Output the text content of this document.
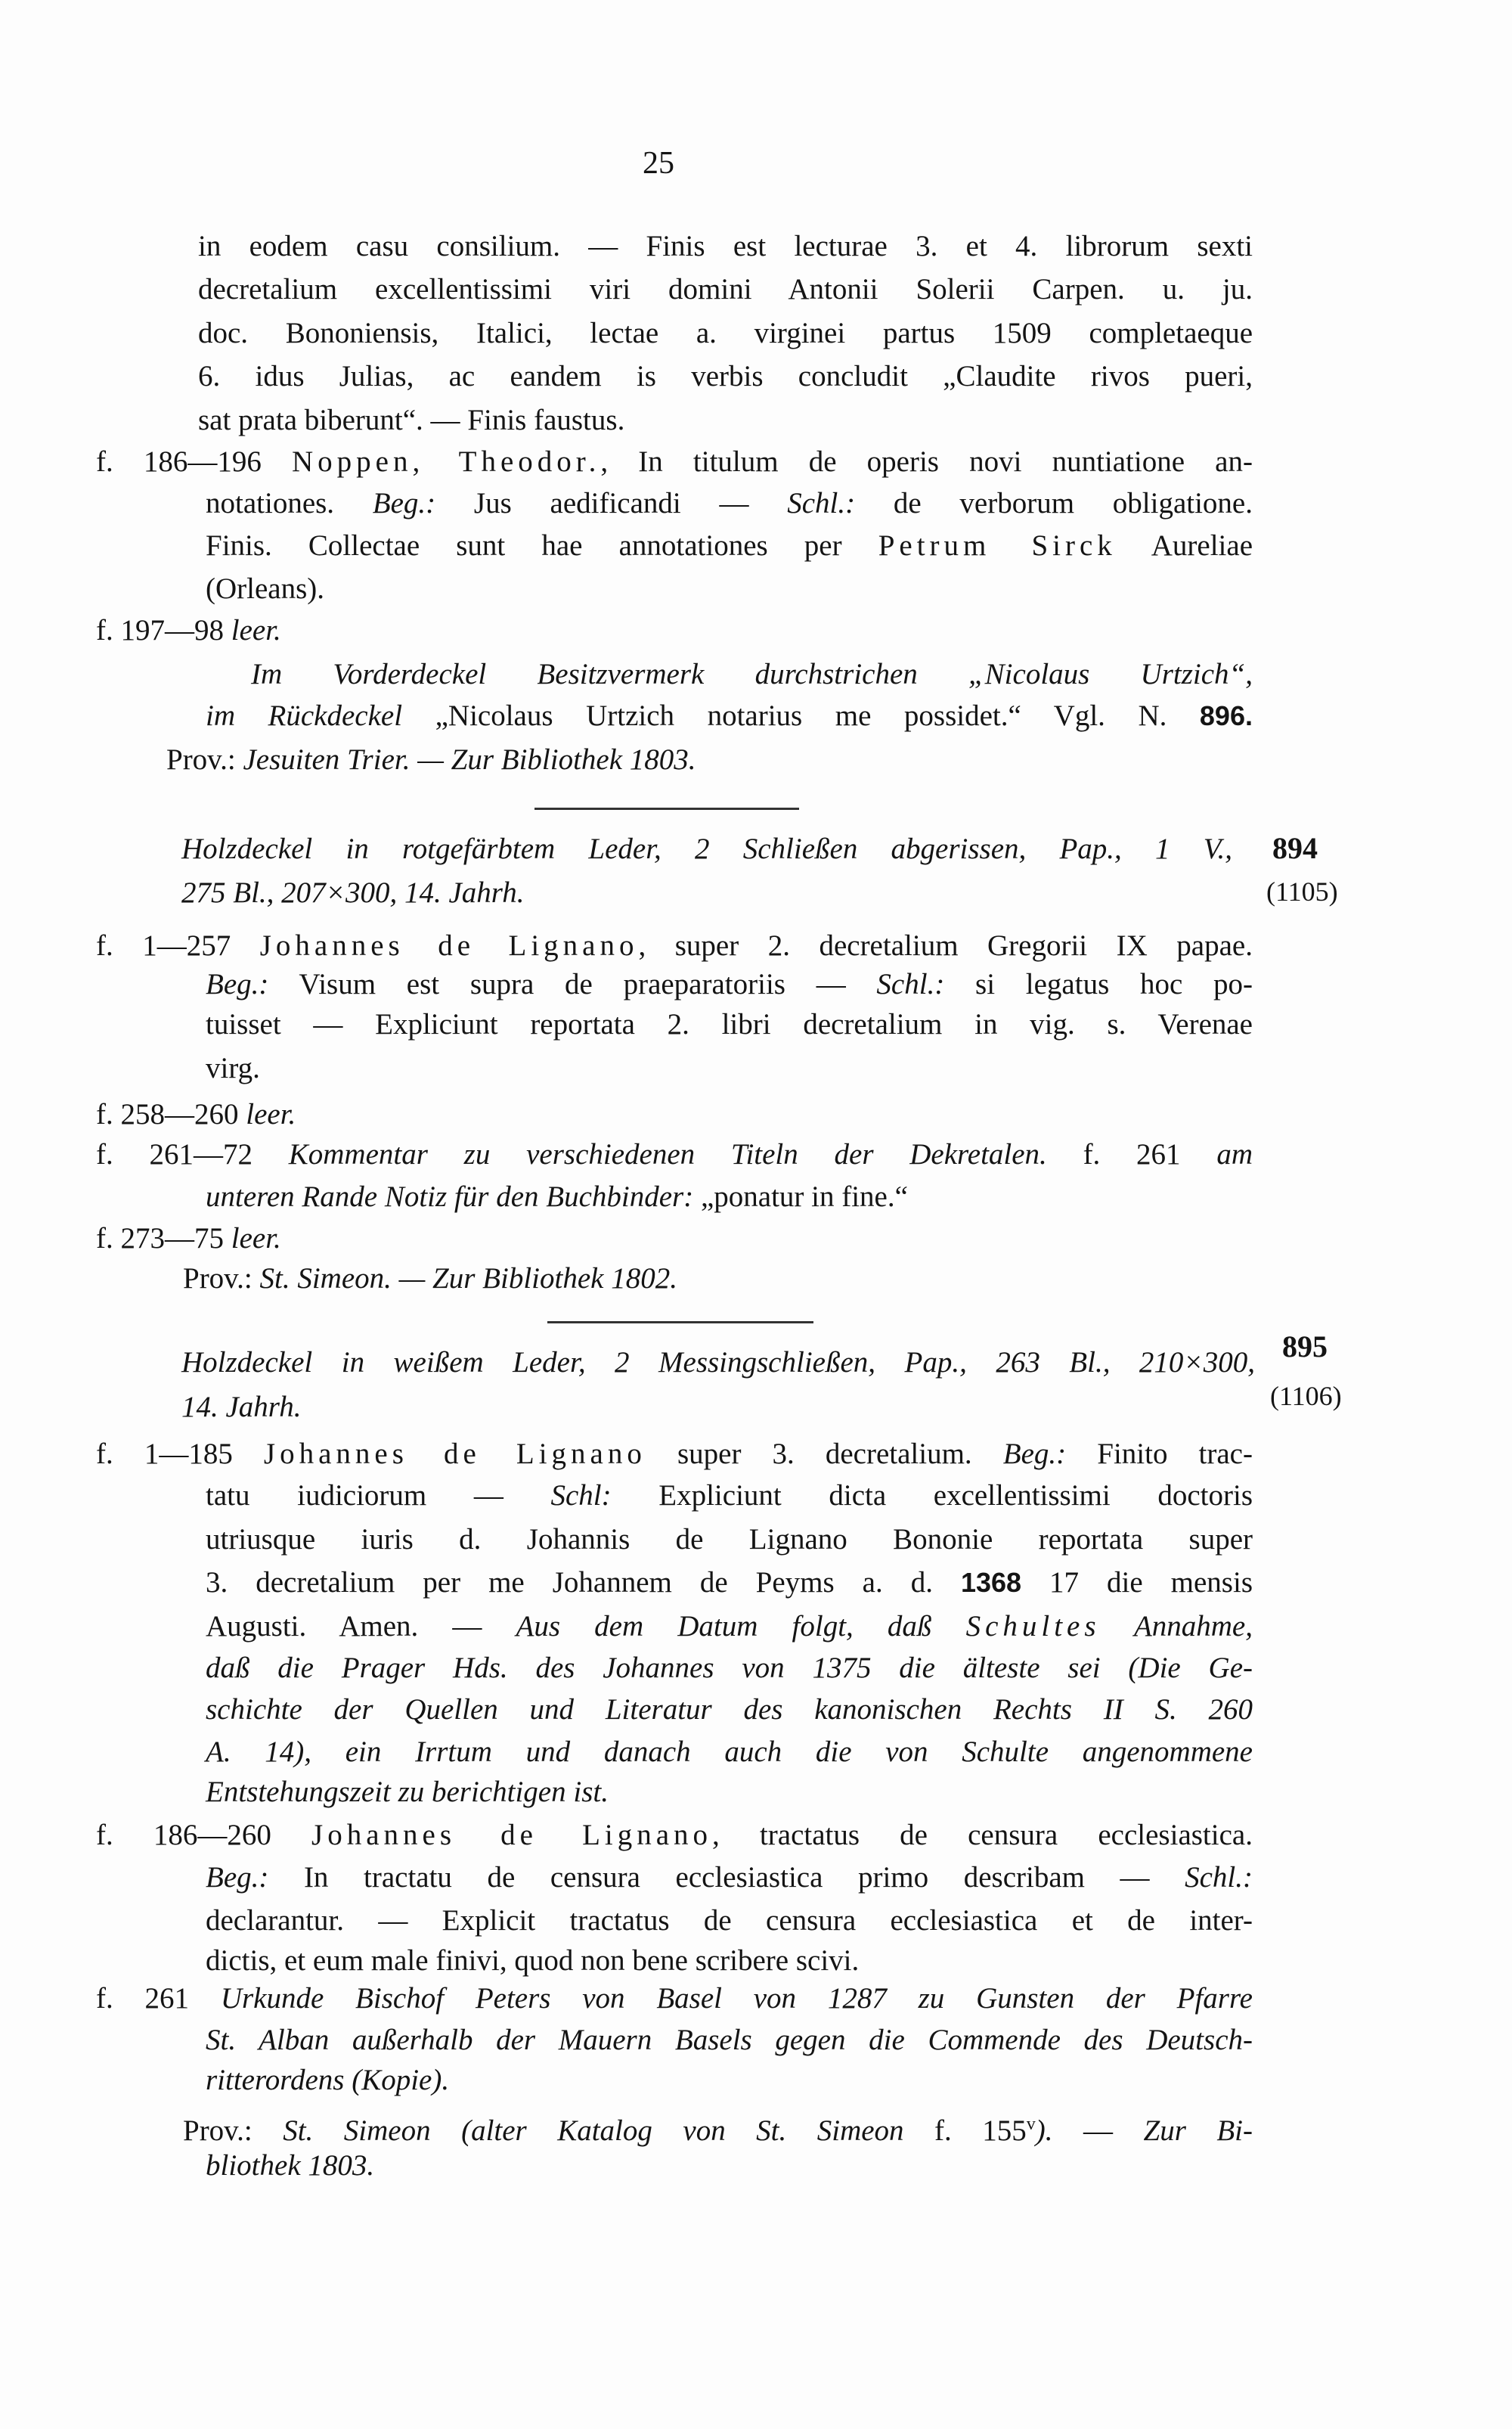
25
in eodem casu consilium. — Finis est lecturae 3. et 4. librorum sexti
decretalium excellentissimi viri domini Antonii Solerii Carpen. u. ju.
doc. Bononiensis, Italici, lectae a. virginei partus 1509 completaeque
6. idus Julias, ac eandem is verbis concludit „Claudite rivos pueri,
sat prata biberunt“. — Finis faustus.
f. 186—196 Noppen, Theodor., In titulum de operis novi nuntiatione an-
notationes. Beg.: Jus aedificandi — Schl.: de verborum obligatione.
Finis. Collectae sunt hae annotationes per Petrum Sirck Aureliae
(Orleans).
f. 197—98 leer.
Im Vorderdeckel Besitzvermerk durchstrichen „Nicolaus Urtzich“,
im Rückdeckel „Nicolaus Urtzich notarius me possidet.“ Vgl. N. 896.
Prov.: Jesuiten Trier. — Zur Bibliothek 1803.
Holzdeckel in rotgefärbtem Leder, 2 Schließen abgerissen, Pap., 1 V.,
275 Bl., 207×300, 14. Jahrh.
f. 1—257 Johannes de Lignano, super 2. decretalium Gregorii IX papae.
Beg.: Visum est supra de praeparatoriis — Schl.: si legatus hoc po-
tuisset — Expliciunt reportata 2. libri decretalium in vig. s. Verenae
virg.
f. 258—260 leer.
f. 261—72 Kommentar zu verschiedenen Titeln der Dekretalen. f. 261 am
unteren Rande Notiz für den Buchbinder: „ponatur in fine.“
f. 273—75 leer.
Prov.: St. Simeon. — Zur Bibliothek 1802.
Holzdeckel in weißem Leder, 2 Messingschließen, Pap., 263 Bl., 210×300,
14. Jahrh.
f. 1—185 Johannes de Lignano super 3. decretalium. Beg.: Finito trac-
tatu iudiciorum — Schl: Expliciunt dicta excellentissimi doctoris
utriusque iuris d. Johannis de Lignano Bononie reportata super
3. decretalium per me Johannem de Peyms a. d. 1368 17 die mensis
Augusti. Amen. — Aus dem Datum folgt, daß Schultes Annahme,
daß die Prager Hds. des Johannes von 1375 die älteste sei (Die Ge-
schichte der Quellen und Literatur des kanonischen Rechts II S. 260
A. 14), ein Irrtum und danach auch die von Schulte angenommene
Entstehungszeit zu berichtigen ist.
f. 186—260 Johannes de Lignano, tractatus de censura ecclesiastica.
Beg.: In tractatu de censura ecclesiastica primo describam — Schl.:
declarantur. — Explicit tractatus de censura ecclesiastica et de inter-
dictis, et eum male finivi, quod non bene scribere scivi.
f. 261 Urkunde Bischof Peters von Basel von 1287 zu Gunsten der Pfarre
St. Alban außerhalb der Mauern Basels gegen die Commende des Deutsch-
ritterordens (Kopie).
Prov.: St. Simeon (alter Katalog von St. Simeon f. 155$^v$). — Zur Bi-
bliothek 1803.
894
(1105)
895
(1106)
